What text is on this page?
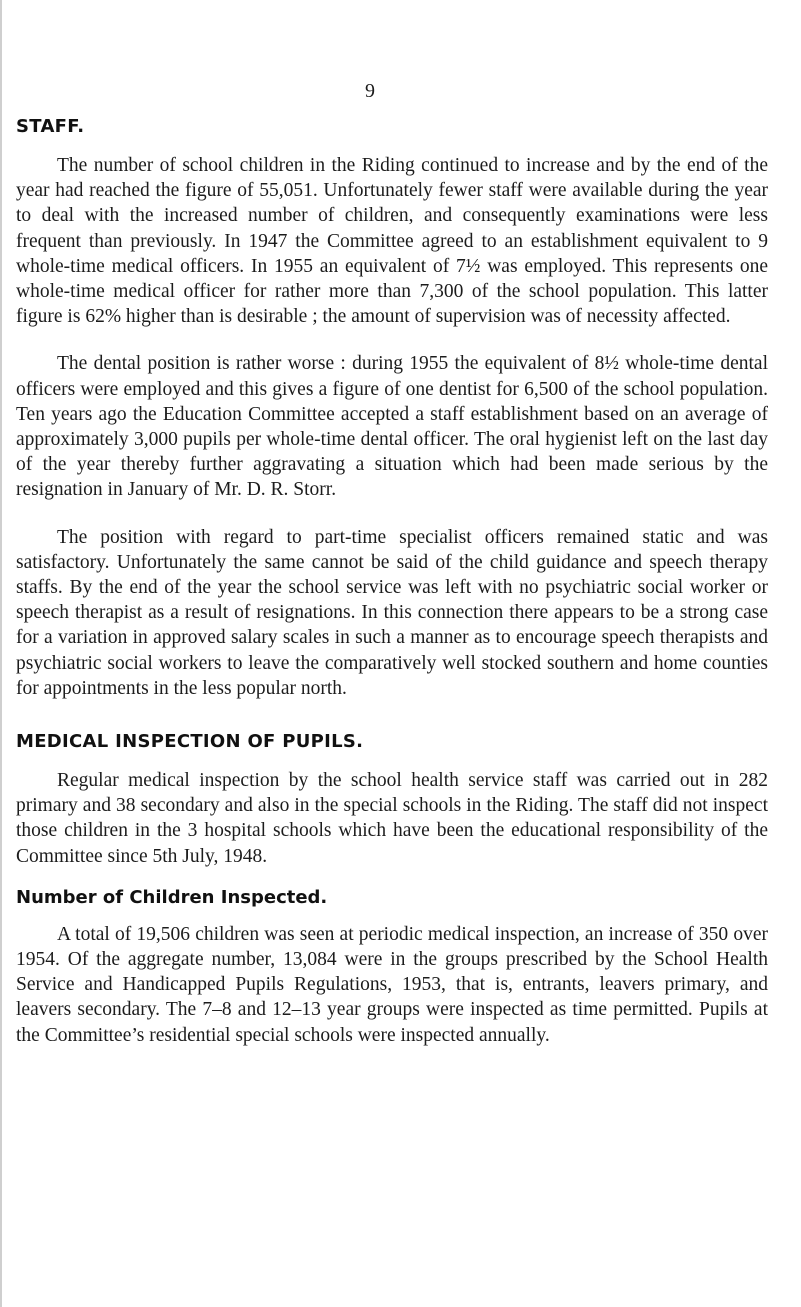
9
STAFF.

The number of school children in the Riding continued to increase and by the end of the year had reached the figure of 55,051. Unfortunately fewer staff were available during the year to deal with the increased number of children, and consequently examinations were less frequent than previously. In 1947 the Committee agreed to an establishment equivalent to 9 whole-time medical officers. In 1955 an equivalent of 7½ was employed. This represents one whole-time medical officer for rather more than 7,300 of the school population. This latter figure is 62% higher than is desirable ; the amount of supervision was of necessity affected.

The dental position is rather worse : during 1955 the equivalent of 8½ whole-time dental officers were employed and this gives a figure of one dentist for 6,500 of the school population. Ten years ago the Education Committee accepted a staff establishment based on an average of approximately 3,000 pupils per whole-time dental officer. The oral hygienist left on the last day of the year thereby further aggravating a situation which had been made serious by the resignation in January of Mr. D. R. Storr.

The position with regard to part-time specialist officers remained static and was satisfactory. Unfortunately the same cannot be said of the child guidance and speech therapy staffs. By the end of the year the school service was left with no psychiatric social worker or speech therapist as a result of resignations. In this connection there appears to be a strong case for a variation in approved salary scales in such a manner as to encourage speech therapists and psychiatric social workers to leave the comparatively well stocked southern and home counties for appointments in the less popular north.

MEDICAL INSPECTION OF PUPILS.

Regular medical inspection by the school health service staff was carried out in 282 primary and 38 secondary and also in the special schools in the Riding. The staff did not inspect those children in the 3 hospital schools which have been the educational responsibility of the Committee since 5th July, 1948.

Number of Children Inspected.

A total of 19,506 children was seen at periodic medical inspection, an increase of 350 over 1954. Of the aggregate number, 13,084 were in the groups prescribed by the School Health Service and Handicapped Pupils Regulations, 1953, that is, entrants, leavers primary, and leavers secondary. The 7–8 and 12–13 year groups were inspected as time permitted. Pupils at the Committee’s residential special schools were inspected annually.
